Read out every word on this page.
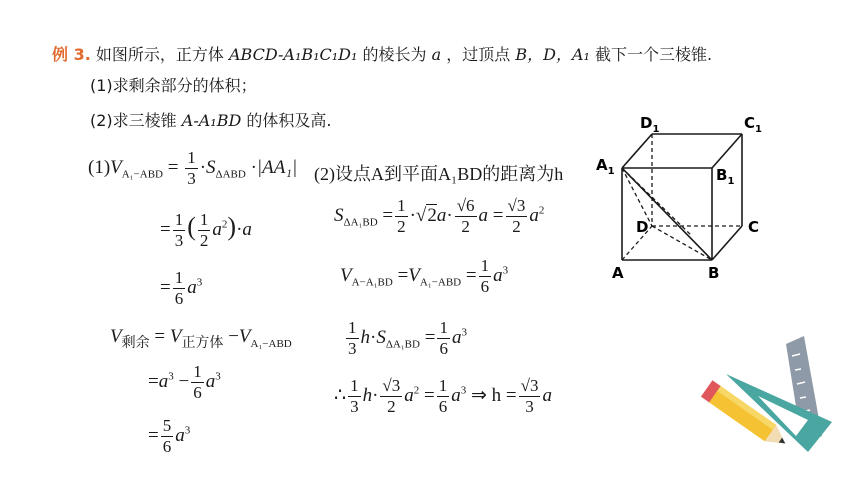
例 3. 如图所示，正方体 ABCD-A₁B₁C₁D₁ 的棱长为 a ，过顶点 B，D，A₁ 截下一个三棱锥.
(1)求剩余部分的体积；
(2)求三棱锥 A-A₁BD 的体积及高.
$(1)V_{A_1-ABD} = \frac{1}{3} \cdot S_{\Delta ABD} \cdot|AA_1|$
= $\frac{1}{3}$ ( $\frac{1}{2} a^2)\cdot a$
= $\frac{1}{6} a^3$
$V_{剩余} = V_{正方体} -V_{A_1-ABD}$
$=a^3 - \frac{1}{6} a^3$
= $\frac{5}{6} a^3$
(2)设点A到平面A₁BD的距离为h
$S_{\Delta A_1BD} = \frac{1}{2} \cdot√2a\cdot \frac{√6}{2}$ $a = \frac{√3}{2} a^2$
$V_{A-A_1BD} =V_{A_1-ABD} = \frac{1}{6} a^3$
$\frac{1}{3} h\cdot S_{\Delta A_1BD} = \frac{1}{6} a^3$
∴ $\frac{1}{3} h\cdot \frac{√3}{2} a^2 = \frac{1}{6} a^3$ ⇒ $h = \frac{√3}{3}$ a
$D_1$	$C_1$
$A_1$	$B_1$
D	C
A	B
